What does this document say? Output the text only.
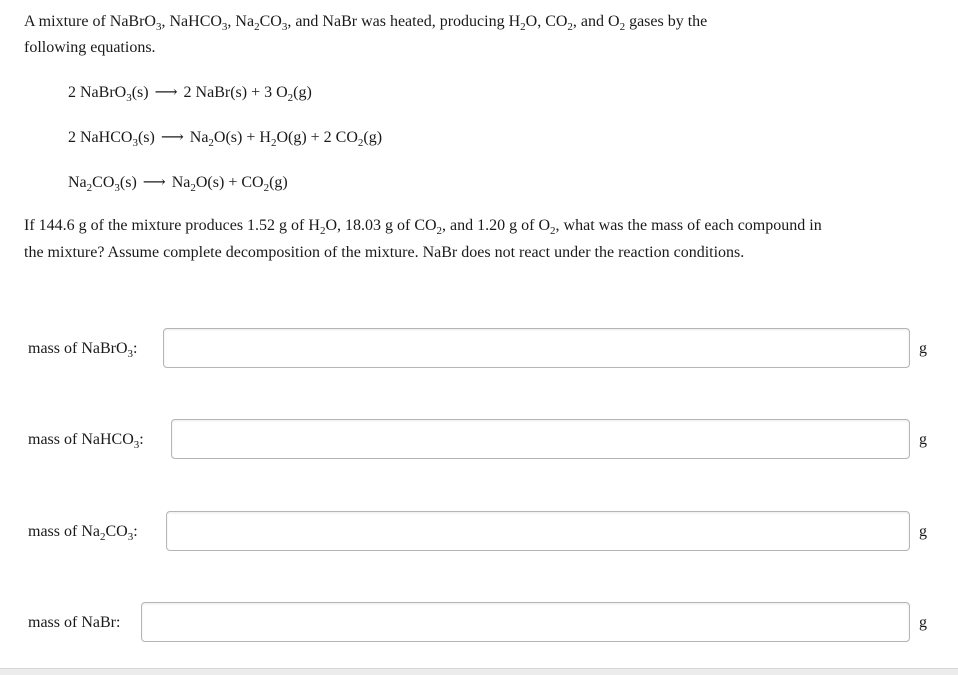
A mixture of NaBrO$_3$, NaHCO$_3$, $Na_2CO_3$, and NaBr was heated, producing $H_2O$, $CO_2$, and $O_2$ gases by the
following equations.
2 NaBrO$_3$(s) ⟶ 2 NaBr(s) + 3 $O_2(g)$
2 NaHCO$_3$(s) ⟶ $Na_2O(s) + H_2O(g) + 2$ $CO_2(g)$
$Na_2CO_3(s)$ ⟶ $Na_2O(s) + CO_2(g)$
If 144.6 g of the mixture produces 1.52 g of $H_2O$, 18.03 g of $CO_2$, and 1.20 g of $O_2$, what was the mass of each compound in
the mixture? Assume complete decomposition of the mixture. NaBr does not react under the reaction conditions.
mass of NaBrO$_3$:	g
mass of NaHCO$_3$:	g
mass of $Na_2CO_3$:	g
mass of NaBr:	g
